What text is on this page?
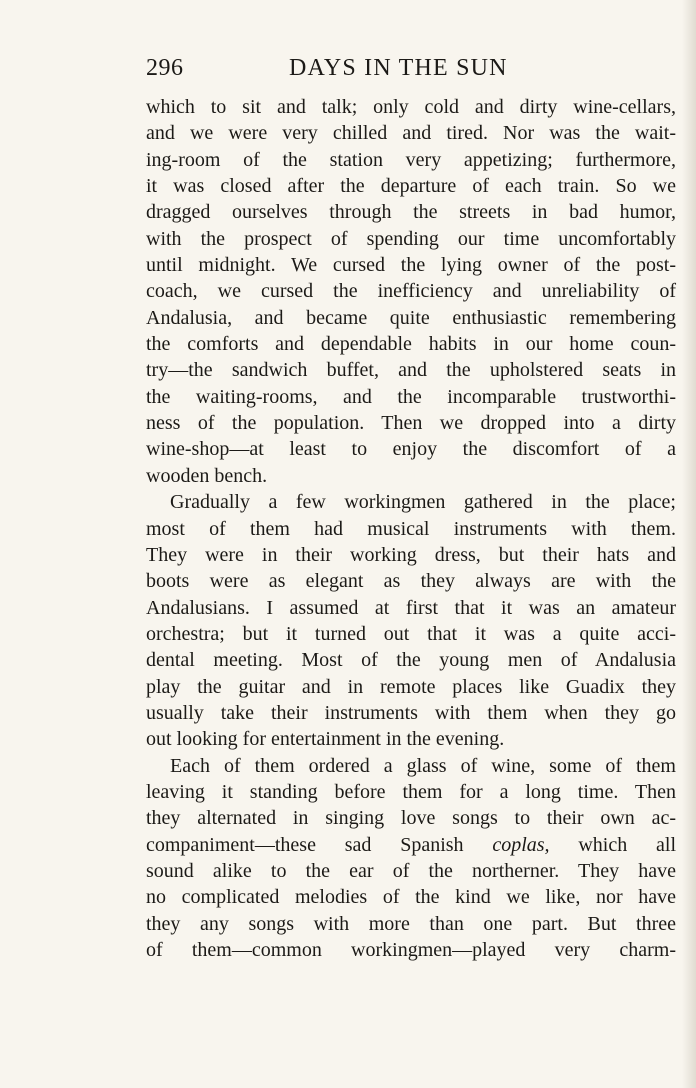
296	DAYS IN THE SUN
which to sit and talk; only cold and dirty wine-cellars,
and we were very chilled and tired. Nor was the wait-
ing-room of the station very appetizing; furthermore,
it was closed after the departure of each train. So we
dragged ourselves through the streets in bad humor,
with the prospect of spending our time uncomfortably
until midnight. We cursed the lying owner of the post-
coach, we cursed the inefficiency and unreliability of
Andalusia, and became quite enthusiastic remembering
the comforts and dependable habits in our home coun-
try—the sandwich buffet, and the upholstered seats in
the waiting-rooms, and the incomparable trustworthi-
ness of the population. Then we dropped into a dirty
wine-shop—at least to enjoy the discomfort of a
wooden bench.
Gradually a few workingmen gathered in the place;
most of them had musical instruments with them.
They were in their working dress, but their hats and
boots were as elegant as they always are with the
Andalusians. I assumed at first that it was an amateur
orchestra; but it turned out that it was a quite acci-
dental meeting. Most of the young men of Andalusia
play the guitar and in remote places like Guadix they
usually take their instruments with them when they go
out looking for entertainment in the evening.
Each of them ordered a glass of wine, some of them
leaving it standing before them for a long time. Then
they alternated in singing love songs to their own ac-
companiment—these sad Spanish coplas, which all
sound alike to the ear of the northerner. They have
no complicated melodies of the kind we like, nor have
they any songs with more than one part. But three
of them—common workingmen—played very charm-
